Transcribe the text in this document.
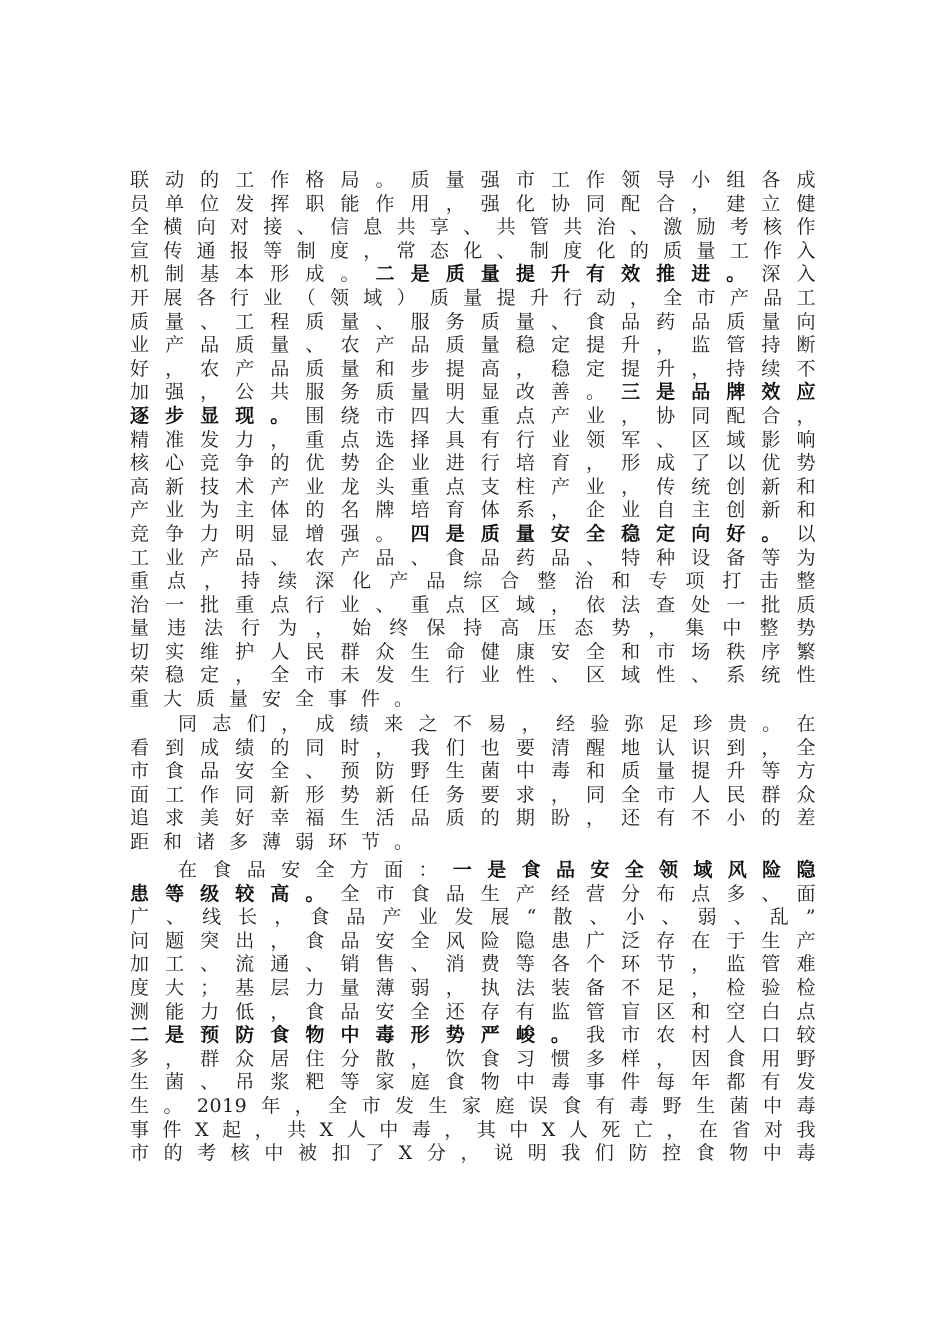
联动的工作格局。质量强市工作领导小组各成
员单位发挥职能作用，强化协同配合，建立健
全横向对接、信息共享、共管共治、激励考核作
宣传通报等制度，常态化、制度化的质量工作入
机制基本形成。二是质量提升有效推进。深入
开展各行业（领域）质量提升行动，全市产品工
质量、工程质量、服务质量、食品药品质量向
业产品质量、农产品质量稳定提升，监管持断
好，农产品质量和步提高，稳定提升，持续不
加强，公共服务质量明显改善。三是品牌效应
逐步显现。围绕市四大重点产业，协同配合，
精准发力，重点选择具有行业领军、区域影响
核心竞争的优势企业进行培育，形成了以优势
高新技术产业龙头重点支柱产业，传统创新和
产业为主体的名牌培育体系，企业自主创新和
竞争力明显增强。四是质量安全稳定向好。以
工业产品、农产品、食品药品、特种设备等为
重点，持续深化产品综合整治和专项打击整
治一批重点行业、重点区域，依法查处一批质
量违法行为，始终保持高压态势，集中整势
切实维护人民群众生命健康安全和市场秩序繁
荣稳定，全市未发生行业性、区域性、系统性
重大质量安全事件。
同志们，成绩来之不易，经验弥足珍贵。在
看到成绩的同时，我们也要清醒地认识到，全
市食品安全、预防野生菌中毒和质量提升等方
面工作同新形势新任务要求，同全市人民群众
追求美好幸福生活品质的期盼，还有不小的差
距和诸多薄弱环节。
在食品安全方面：一是食品安全领域风险隐
患等级较高。全市食品生产经营分布点多、面
广、线长，食品产业发展“散、小、弱、乱”
问题突出，食品安全风险隐患广泛存在于生产
加工、流通、销售、消费等各个环节，监管难
度大；基层力量薄弱，执法装备不足，检验检
测能力低，食品安全还存有监管盲区和空白点
二是预防食物中毒形势严峻。我市农村人口较
多，群众居住分散，饮食习惯多样，因食用野
生菌、吊浆粑等家庭食物中毒事件每年都有发
生。2019年，全市发生家庭误食有毒野生菌中毒
事件X起，共X人中毒，其中X人死亡，在省对我
市的考核中被扣了X分，说明我们防控食物中毒
